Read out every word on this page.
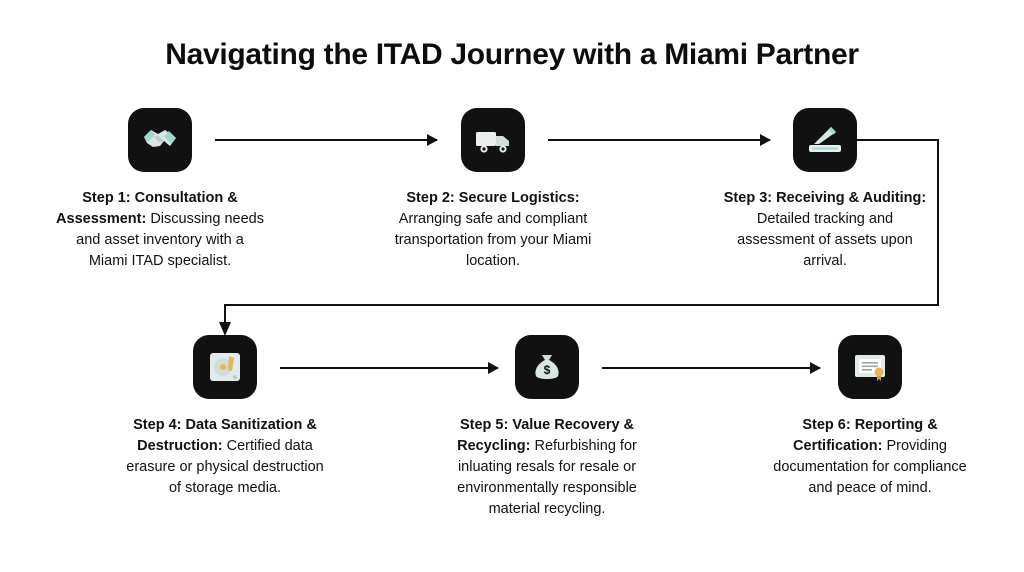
Navigating the ITAD Journey with a Miami Partner
Step 1: Consultation & Assessment: Discussing needs and asset inventory with a Miami ITAD specialist.
Step 2: Secure Logistics: Arranging safe and compliant transportation from your Miami location.
Step 3: Receiving & Auditing: Detailed tracking and assessment of assets upon arrival.
Step 4: Data Sanitization & Destruction: Certified data erasure or physical destruction of storage media.
$
Step 5: Value Recovery & Recycling: Refurbishing for inluating resals for resale or environmentally responsible material recycling.
Step 6: Reporting & Certification: Providing documentation for compliance and peace of mind.
